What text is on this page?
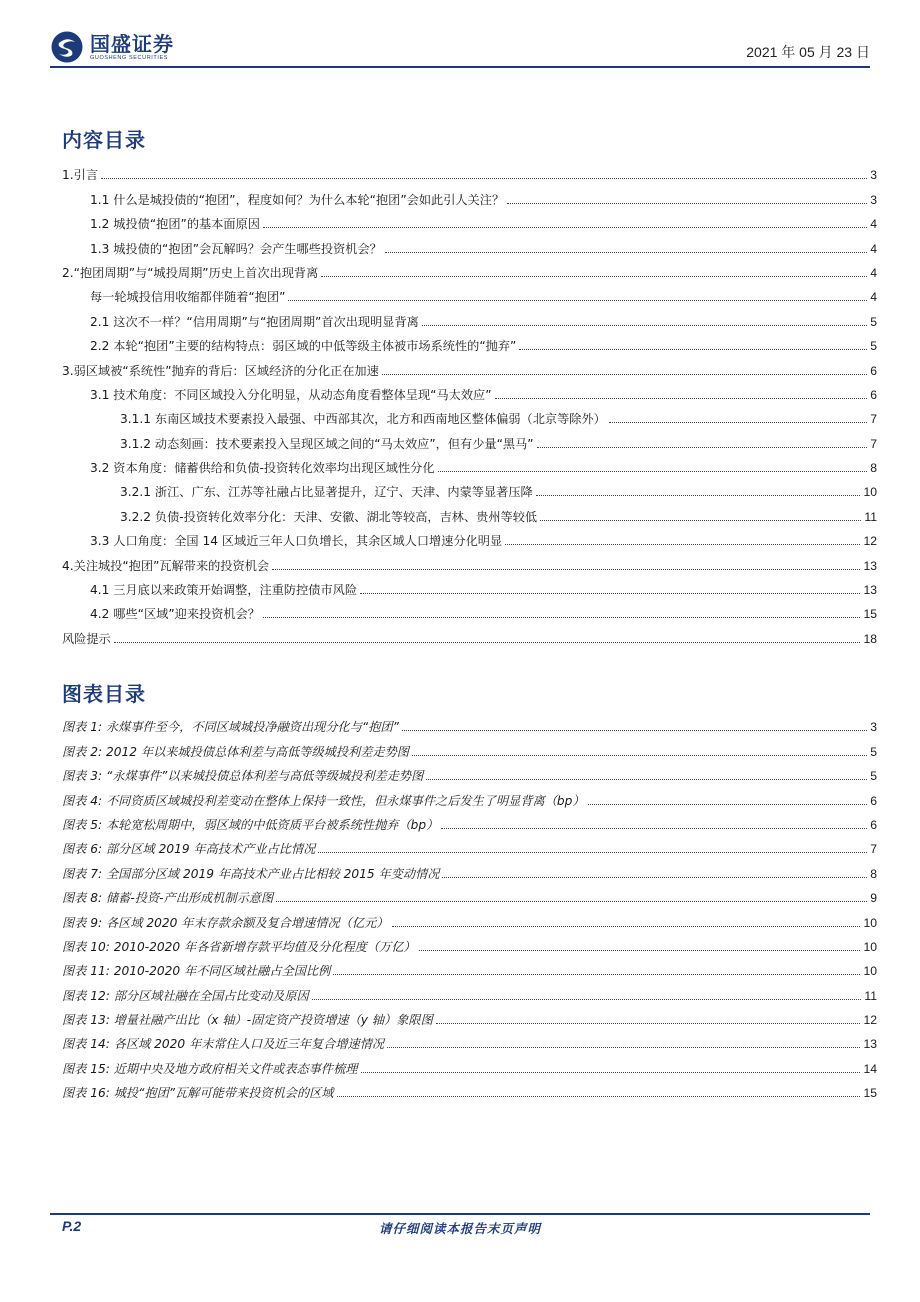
国盛证券
GUOSHENG SECURITIES	2021 年 05 月 23 日
内容目录
1.引言	3
1.1 什么是城投债的“抱团”，程度如何？为什么本轮“抱团”会如此引人关注？	3
1.2 城投债“抱团”的基本面原因	4
1.3 城投债的“抱团”会瓦解吗？会产生哪些投资机会？	4
2.“抱团周期”与“城投周期”历史上首次出现背离	4
每一轮城投信用收缩都伴随着“抱团”	4
2.1 这次不一样？“信用周期”与“抱团周期”首次出现明显背离	5
2.2 本轮“抱团”主要的结构特点：弱区域的中低等级主体被市场系统性的“抛弃”	5
3.弱区域被“系统性”抛弃的背后：区域经济的分化正在加速	6
3.1 技术角度：不同区域投入分化明显，从动态角度看整体呈现“马太效应”	6
3.1.1 东南区域技术要素投入最强、中西部其次，北方和西南地区整体偏弱（北京等除外）	7
3.1.2 动态刻画：技术要素投入呈现区域之间的“马太效应”，但有少量“黑马”	7
3.2 资本角度：储蓄供给和负债-投资转化效率均出现区域性分化	8
3.2.1 浙江、广东、江苏等社融占比显著提升，辽宁、天津、内蒙等显著压降	10
3.2.2 负债-投资转化效率分化：天津、安徽、湖北等较高，吉林、贵州等较低	11
3.3 人口角度：全国 14 区域近三年人口负增长，其余区域人口增速分化明显	12
4.关注城投“抱团”瓦解带来的投资机会	13
4.1 三月底以来政策开始调整，注重防控债市风险	13
4.2 哪些“区域”迎来投资机会？	15
风险提示	18
图表目录
图表 1: 永煤事件至今，不同区域城投净融资出现分化与“抱团”	3
图表 2: 2012 年以来城投债总体利差与高低等级城投利差走势图	5
图表 3: “永煤事件”以来城投债总体利差与高低等级城投利差走势图	5
图表 4: 不同资质区域城投利差变动在整体上保持一致性，但永煤事件之后发生了明显背离（bp）	6
图表 5: 本轮宽松周期中，弱区域的中低资质平台被系统性抛弃（bp）	6
图表 6: 部分区域 2019 年高技术产业占比情况	7
图表 7: 全国部分区域 2019 年高技术产业占比相较 2015 年变动情况	8
图表 8: 储蓄-投资-产出形成机制示意图	9
图表 9: 各区域 2020 年末存款余额及复合增速情况（亿元）	10
图表 10: 2010-2020 年各省新增存款平均值及分化程度（万亿）	10
图表 11: 2010-2020 年不同区域社融占全国比例	10
图表 12: 部分区域社融在全国占比变动及原因	11
图表 13: 增量社融产出比（x 轴）-固定资产投资增速（y 轴）象限图	12
图表 14: 各区域 2020 年末常住人口及近三年复合增速情况	13
图表 15: 近期中央及地方政府相关文件或表态事件梳理	14
图表 16: 城投“抱团”瓦解可能带来投资机会的区域	15
请仔细阅读本报告末页声明
P.2
